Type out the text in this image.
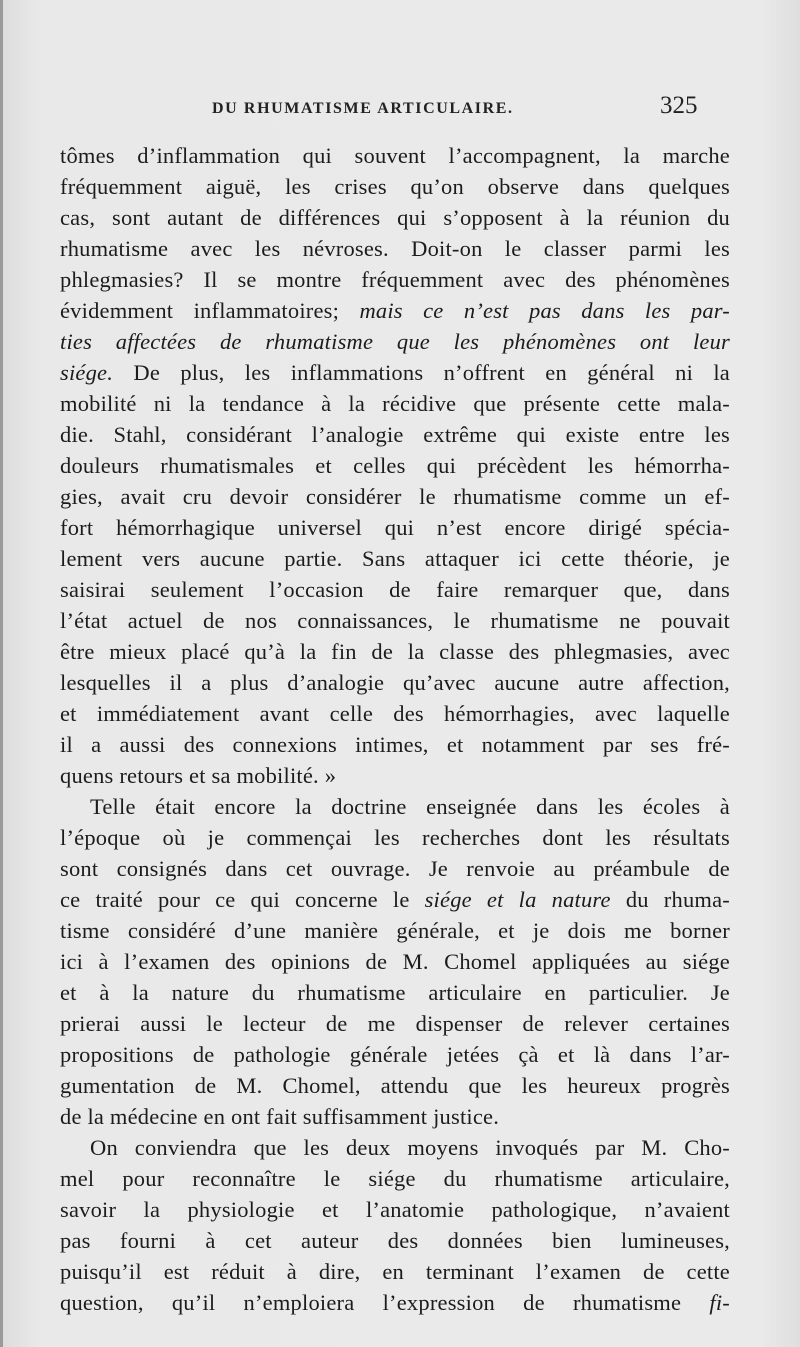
DU RHUMATISME ARTICULAIRE.	325
tômes d’inflammation qui souvent l’accompagnent, la marche
fréquemment aiguë, les crises qu’on observe dans quelques
cas, sont autant de différences qui s’opposent à la réunion du
rhumatisme avec les névroses. Doit-on le classer parmi les
phlegmasies? Il se montre fréquemment avec des phénomènes
évidemment inflammatoires; mais ce n’est pas dans les par-
ties affectées de rhumatisme que les phénomènes ont leur
siége. De plus, les inflammations n’offrent en général ni la
mobilité ni la tendance à la récidive que présente cette mala-
die. Stahl, considérant l’analogie extrême qui existe entre les
douleurs rhumatismales et celles qui précèdent les hémorrha-
gies, avait cru devoir considérer le rhumatisme comme un ef-
fort hémorrhagique universel qui n’est encore dirigé spécia-
lement vers aucune partie. Sans attaquer ici cette théorie, je
saisirai seulement l’occasion de faire remarquer que, dans
l’état actuel de nos connaissances, le rhumatisme ne pouvait
être mieux placé qu’à la fin de la classe des phlegmasies, avec
lesquelles il a plus d’analogie qu’avec aucune autre affection,
et immédiatement avant celle des hémorrhagies, avec laquelle
il a aussi des connexions intimes, et notamment par ses fré-
quens retours et sa mobilité. »
Telle était encore la doctrine enseignée dans les écoles à
l’époque où je commençai les recherches dont les résultats
sont consignés dans cet ouvrage. Je renvoie au préambule de
ce traité pour ce qui concerne le siége et la nature du rhuma-
tisme considéré d’une manière générale, et je dois me borner
ici à l’examen des opinions de M. Chomel appliquées au siége
et à la nature du rhumatisme articulaire en particulier. Je
prierai aussi le lecteur de me dispenser de relever certaines
propositions de pathologie générale jetées çà et là dans l’ar-
gumentation de M. Chomel, attendu que les heureux progrès
de la médecine en ont fait suffisamment justice.
On conviendra que les deux moyens invoqués par M. Cho-
mel pour reconnaître le siége du rhumatisme articulaire,
savoir la physiologie et l’anatomie pathologique, n’avaient
pas fourni à cet auteur des données bien lumineuses,
puisqu’il est réduit à dire, en terminant l’examen de cette
question, qu’il n’emploiera l’expression de rhumatisme fi-
